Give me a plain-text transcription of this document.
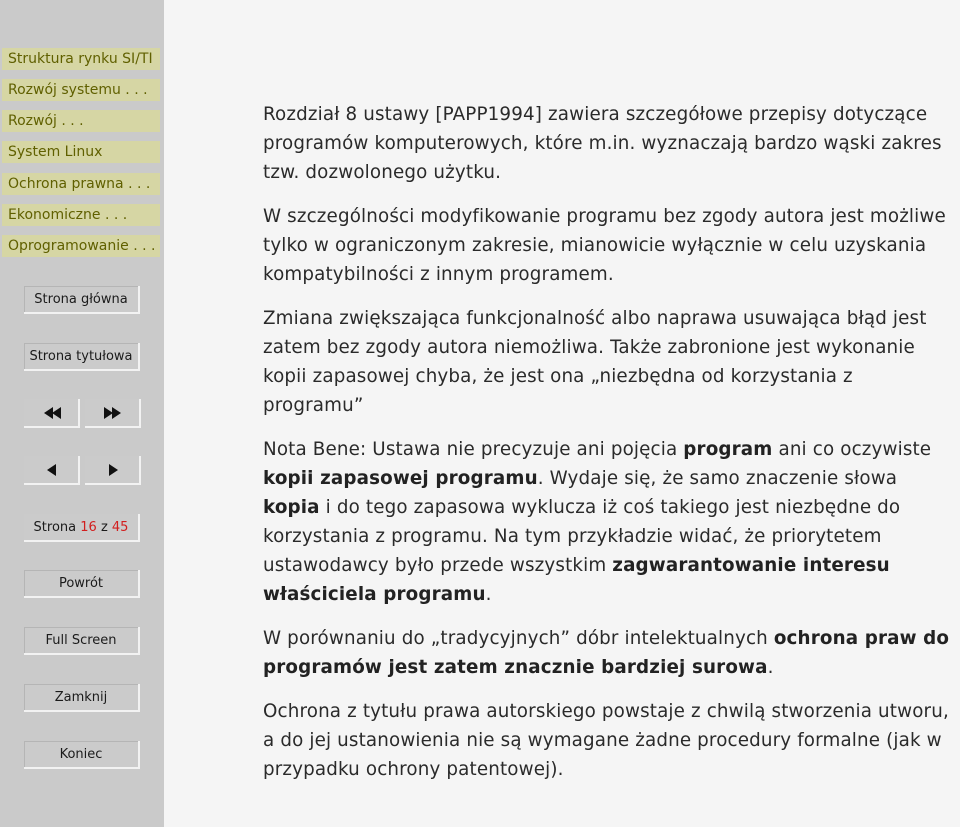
Struktura rynku SI/TI
Rozwój systemu . . .
Rozwój . . .
System Linux
Ochrona prawna . . .
Ekonomiczne . . .
Oprogramowanie . . .
Strona główna
Strona tytułowa
Strona 16 z 45
Powrót
Full Screen
Zamknij
Koniec

Rozdział 8 ustawy [PAPP1994] zawiera szczegółowe przepisy dotyczące programów komputerowych, które m.in. wyznaczają bardzo wąski zakres tzw. dozwolonego użytku.

W szczególności modyfikowanie programu bez zgody autora jest możliwe tylko w ograniczonym zakresie, mianowicie wyłącznie w celu uzyskania kompatybilności z innym programem.

Zmiana zwiększająca funkcjonalność albo naprawa usuwająca błąd jest zatem bez zgody autora niemożliwa. Także zabronione jest wykonanie kopii zapasowej chyba, że jest ona „niezbędna od korzystania z programu”

Nota Bene: Ustawa nie precyzuje ani pojęcia program ani co oczywiste kopii zapasowej programu. Wydaje się, że samo znaczenie słowa kopia i do tego zapasowa wyklucza iż coś takiego jest niezbędne do korzystania z programu. Na tym przykładzie widać, że priorytetem ustawodawcy było przede wszystkim zagwarantowanie interesu właściciela programu.

W porównaniu do „tradycyjnych” dóbr intelektualnych ochrona praw do programów jest zatem znacznie bardziej surowa.

Ochrona z tytułu prawa autorskiego powstaje z chwilą stworzenia utworu, a do jej ustanowienia nie są wymagane żadne procedury formalne (jak w przypadku ochrony patentowej).
